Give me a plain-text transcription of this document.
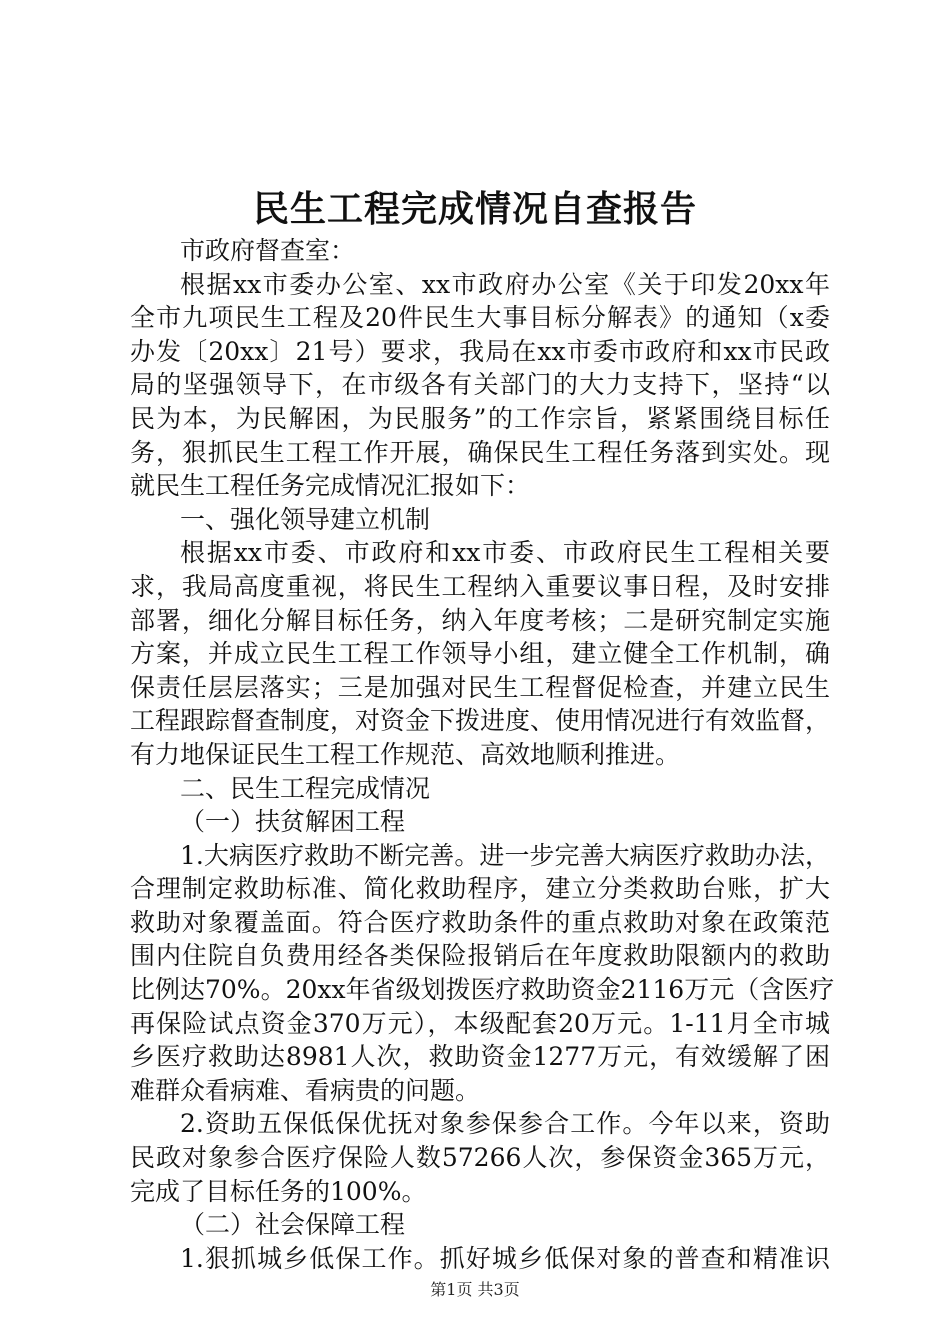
民生工程完成情况自查报告
市政府督查室：
根据xx市委办公室、xx市政府办公室《关于印发20xx年
全市九项民生工程及20件民生大事目标分解表》的通知（x委
办发〔20xx〕21号）要求，我局在xx市委市政府和xx市民政
局的坚强领导下，在市级各有关部门的大力支持下，坚持“以
民为本，为民解困，为民服务”的工作宗旨，紧紧围绕目标任
务，狠抓民生工程工作开展，确保民生工程任务落到实处。现
就民生工程任务完成情况汇报如下：
一、强化领导建立机制
根据xx市委、市政府和xx市委、市政府民生工程相关要
求，我局高度重视，将民生工程纳入重要议事日程，及时安排
部署，细化分解目标任务，纳入年度考核；二是研究制定实施
方案，并成立民生工程工作领导小组，建立健全工作机制，确
保责任层层落实；三是加强对民生工程督促检查，并建立民生
工程跟踪督查制度，对资金下拨进度、使用情况进行有效监督，
有力地保证民生工程工作规范、高效地顺利推进。
二、民生工程完成情况
（一）扶贫解困工程
1.大病医疗救助不断完善。进一步完善大病医疗救助办法，
合理制定救助标准、简化救助程序，建立分类救助台账，扩大
救助对象覆盖面。符合医疗救助条件的重点救助对象在政策范
围内住院自负费用经各类保险报销后在年度救助限额内的救助
比例达70%。20xx年省级划拨医疗救助资金2116万元（含医疗
再保险试点资金370万元），本级配套20万元。1-11月全市城
乡医疗救助达8981人次，救助资金1277万元，有效缓解了困
难群众看病难、看病贵的问题。
2.资助五保低保优抚对象参保参合工作。今年以来，资助
民政对象参合医疗保险人数57266人次，参保资金365万元，
完成了目标任务的100%。
（二）社会保障工程
1.狠抓城乡低保工作。抓好城乡低保对象的普查和精准识
第1页 共3页
